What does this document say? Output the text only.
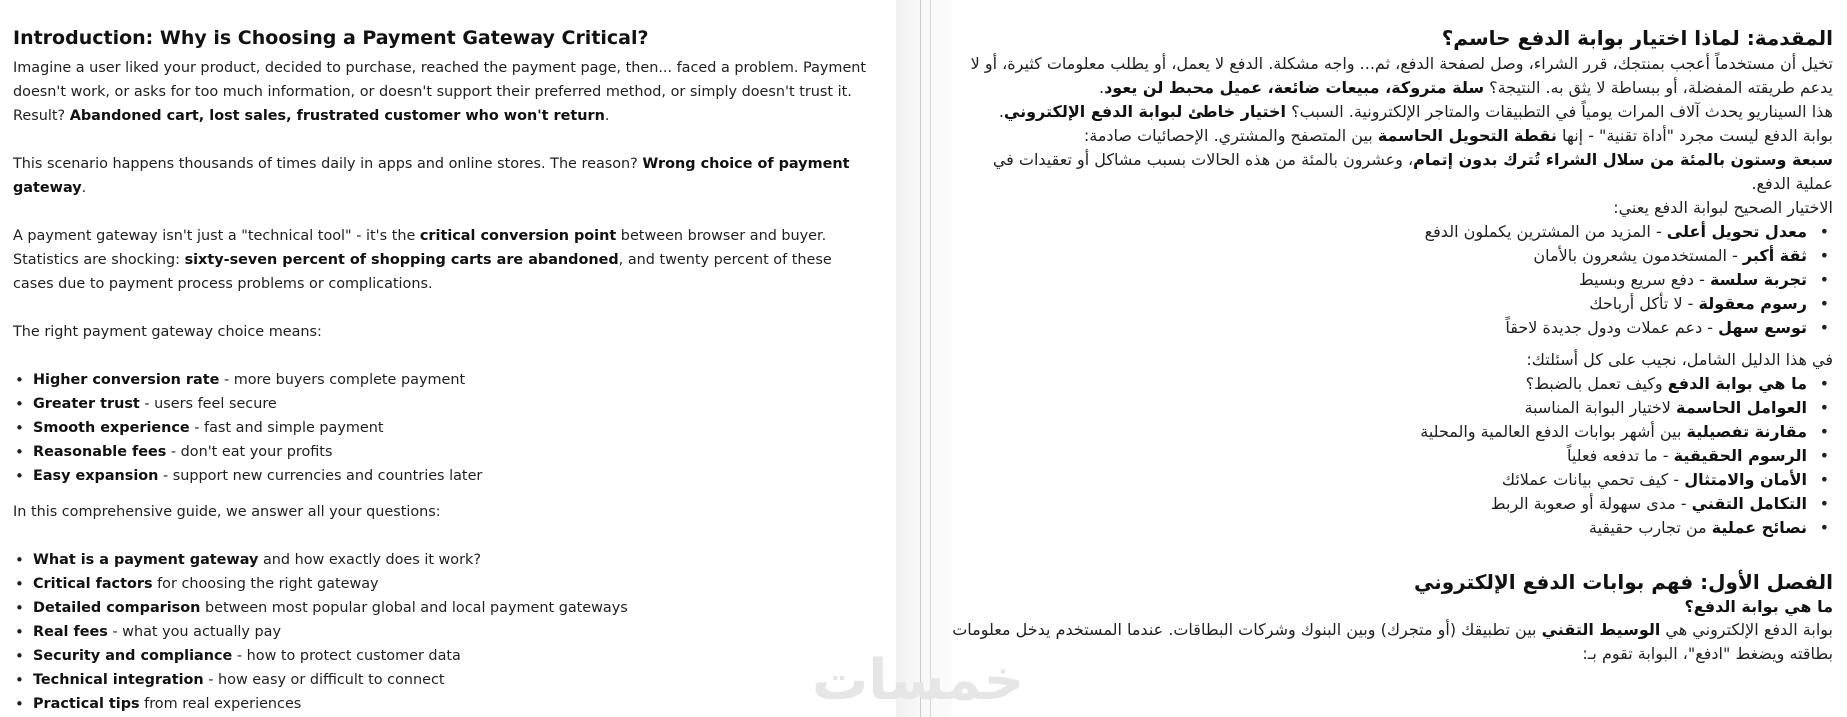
Introduction: Why is Choosing a Payment Gateway Critical?

Imagine a user liked your product, decided to purchase, reached the payment page, then... faced a problem. Payment doesn't work, or asks for too much information, or doesn't support their preferred method, or simply doesn't trust it. Result? Abandoned cart, lost sales, frustrated customer who won't return.

This scenario happens thousands of times daily in apps and online stores. The reason? Wrong choice of payment gateway.

A payment gateway isn't just a "technical tool" - it's the critical conversion point between browser and buyer. Statistics are shocking: sixty-seven percent of shopping carts are abandoned, and twenty percent of these cases due to payment process problems or complications.

The right payment gateway choice means:

• Higher conversion rate - more buyers complete payment
• Greater trust - users feel secure
• Smooth experience - fast and simple payment
• Reasonable fees - don't eat your profits
• Easy expansion - support new currencies and countries later

In this comprehensive guide, we answer all your questions:

• What is a payment gateway and how exactly does it work?
• Critical factors for choosing the right gateway
• Detailed comparison between most popular global and local payment gateways
• Real fees - what you actually pay
• Security and compliance - how to protect customer data
• Technical integration - how easy or difficult to connect
• Practical tips from real experiences
المقدمة: لماذا اختيار بوابة الدفع حاسم؟

تخيل أن مستخدماً أعجب بمنتجك، قرر الشراء، وصل لصفحة الدفع، ثم... واجه مشكلة. الدفع لا يعمل، أو يطلب معلومات كثيرة، أو لا يدعم طريقته المفضلة، أو ببساطة لا يثق به. النتيجة؟ سلة متروكة، مبيعات ضائعة، عميل محبط لن يعود.

هذا السيناريو يحدث آلاف المرات يومياً في التطبيقات والمتاجر الإلكترونية. السبب؟ اختيار خاطئ لبوابة الدفع الإلكتروني.

بوابة الدفع ليست مجرد "أداة تقنية" - إنها نقطة التحويل الحاسمة بين المتصفح والمشتري. الإحصائيات صادمة:
سبعة وستون بالمئة من سلال الشراء تُترك بدون إتمام، وعشرون بالمئة من هذه الحالات بسبب مشاكل أو تعقيدات في عملية الدفع.

الاختيار الصحيح لبوابة الدفع يعني:

• معدل تحويل أعلى - المزيد من المشترين يكملون الدفع
• ثقة أكبر - المستخدمون يشعرون بالأمان
• تجربة سلسة - دفع سريع وبسيط
• رسوم معقولة - لا تأكل أرباحك
• توسع سهل - دعم عملات ودول جديدة لاحقاً

في هذا الدليل الشامل، نجيب على كل أسئلتك:

• ما هي بوابة الدفع وكيف تعمل بالضبط؟
• العوامل الحاسمة لاختيار البوابة المناسبة
• مقارنة تفصيلية بين أشهر بوابات الدفع العالمية والمحلية
• الرسوم الحقيقية - ما تدفعه فعلياً
• الأمان والامتثال - كيف تحمي بيانات عملائك
• التكامل التقني - مدى سهولة أو صعوبة الربط
• نصائح عملية من تجارب حقيقية
الفصل الأول: فهم بوابات الدفع الإلكتروني
ما هي بوابة الدفع؟

بوابة الدفع الإلكتروني هي الوسيط التقني بين تطبيقك (أو متجرك) وبين البنوك وشركات البطاقات. عندما المستخدم يدخل معلومات بطاقته ويضغط "ادفع"، البوابة تقوم بـ:

خمسات
